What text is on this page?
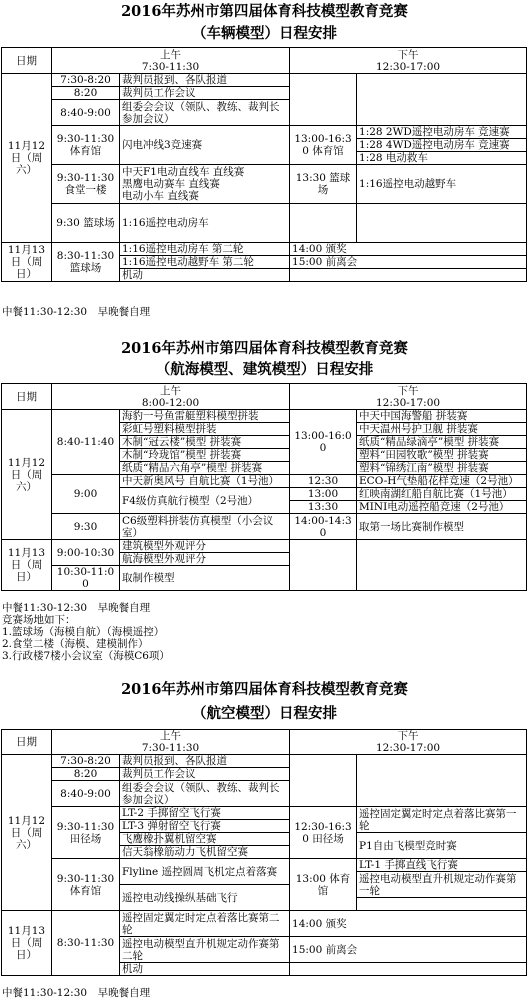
2016年苏州市第四届体育科技模型教育竞赛
（车辆模型）日程安排
日期	上午
7:30-11:30		下午
12:30-17:00	

11月12日（周六）	7:30-8:20	裁判员报到、各队报道		
	8:20	裁判员工作会议		
	8:40-9:00	组委会会议（领队、教练、裁判长参加会议）		
	9:30-11:30 体育馆	闪电冲线3竞速赛	13:00-16:30 体育馆	1:28 2WD遥控电动房车 竞速赛
				1:28 4WD遥控电动房车 竞速赛
				1:28 电动救车
	9:30-11:30 食堂一楼	中天F1电动直线车 直线赛
黑鹰电动赛车 直线赛
电动小车 直线赛	13:30 篮球场	1:16遥控电动越野车
	9:30 篮球场	1:16遥控电动房车		
11月13日（周日）	8:30-11:30 篮球场	1:16遥控电动房车 第二轮	14:00 颁奖	
		1:16遥控电动越野车 第二轮	15:00 前离会	
		机动		
中餐11:30-12:30　早晚餐自理
2016年苏州市第四届体育科技模型教育竞赛
（航海模型、建筑模型）日程安排
日期	上午
8:00-12:00		下午
12:30-17:00	

11月12日（周六）	8:40-11:40	海豹一号鱼雷艇塑料模型拼装	13:00-16:00	中天中国海警船 拼装赛
		彩虹号塑料模型拼装		中天温州号护卫舰 拼装赛
		木制“冠云楼”模型 拼装赛		纸质“精品绿滴亭”模型 拼装赛
		木制“玲珑馆”模型 拼装赛		塑料“田园牧歌”模型 拼装赛
		纸质“精品六角亭”模型 拼装赛		塑料“锦绣江南”模型 拼装赛
	9:00	中天新奥风号 自航比赛（1号池）	12:30	ECO-H气垫船花样竞速（2号池）
		F4级仿真航行模型（2号池）	13:00	红映南湖红船自航比赛（1号池）
			13:30	MINI电动遥控船竞速（2号池）
	9:30	C6级塑料拼装仿真模型（小会议室）	14:00-14:30	取第一场比赛制作模型

11月13日（周日）	9:00-10:30	建筑模型外观评分		
		航海模型外观评分		
	10:30-11:00	取制作模型		
中餐11:30-12:30　早晚餐自理
竞赛场地如下：
1.篮球场（海模自航）（海模遥控）
2.食堂二楼（海模、建模制作）
3.行政楼7楼小会议室（海模C6项）
2016年苏州市第四届体育科技模型教育竞赛
（航空模型）日程安排
日期	上午
7:30-11:30		下午
12:30-17:00	

11月12日（周六）	7:30-8:20	裁判员报到、各队报道		
	8:20	裁判员工作会议		
	8:40-9:00	组委会会议（领队、教练、裁判长参加会议）		
	9:30-11:30 田径场	LT-2 手掷留空飞行赛	12:30-16:30 田径场	遥控固定翼定时定点着落比赛第一轮
		LT-3 弹射留空飞行赛		
		飞鹰橡扑翼机留空赛		P1自由飞模型竞时赛
		信天翁橡筋动力飞机留空赛		
	9:30-11:30 体育馆	Flyline 遥控圆周飞机定点着落赛	13:00 体育馆	LT-1 手掷直线飞行赛
				遥控电动模型直升机规定动作赛第一轮
		遥控电动线操纵基础飞行		

11月13日（周日）	8:30-11:30	遥控固定翼定时定点着落比赛第二轮	14:00 颁奖	

		遥控电动模型直升机规定动作赛第二轮	15:00 前离会	

		机动		
中餐11:30-12:30　早晚餐自理
